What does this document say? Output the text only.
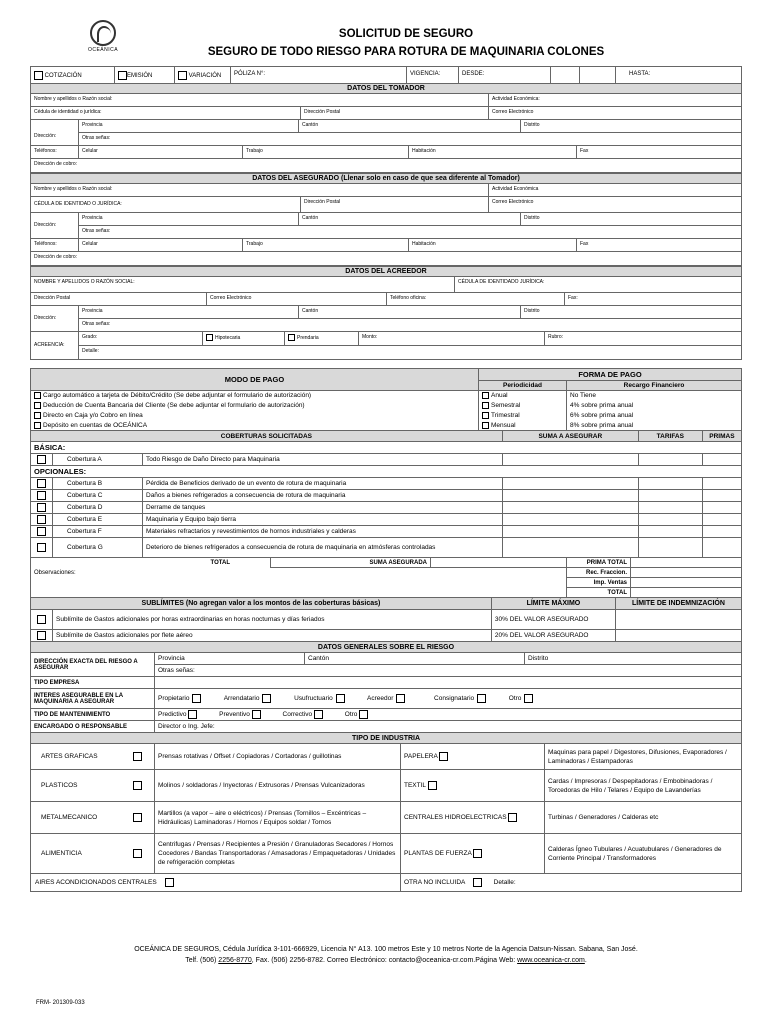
OCEÁNICA
SOLICITUD DE SEGURO
SEGURO DE TODO RIESGO PARA ROTURA DE MAQUINARIA COLONES
COTIZACIÓN	EMISIÓN	VARIACIÓN	PÓLIZA N°:	VIGENCIA:	DESDE:	HASTA:
DATOS DEL TOMADOR
Nombre y apellidos o Razón social:	Actividad Económica:
Cédula de identidad o jurídica:	Dirección Postal	Correo Electrónico
Dirección:
Provincia	Cantón	Distrito
Otras señas:
Teléfonos:	Celular	Trabajo	Habitación	Fax
Dirección de cobro:
DATOS DEL ASEGURADO (Llenar solo en caso de que sea diferente al Tomador)
Nombre y apellidos o Razón social:	Actividad Económica
CÉDULA DE IDENTIDAD O JURÍDICA:	Dirección Postal	Correo Electrónico
Dirección:
Provincia	Cantón	Distrito
Otras señas:
Teléfonos:	Celular	Trabajo	Habitación	Fax
Dirección de cobro:
DATOS DEL ACREEDOR
NOMBRE Y APELLIDOS O RAZÓN SOCIAL:	CÉDULA DE IDENTIDADO JURÍDICA:
Dirección Postal	Correo Electrónico	Teléfono oficina:	Fax:
Dirección:
Provincia	Cantón	Distrito
Otras señas:
ACREENCIA:
Grado:	Hipotecaria	Prendaria	Monto:	Rubro:
Detalle:
MODO DE PAGO	FORMA DE PAGO	
	Periodicidad	Recargo Financiero
Cargo automático a tarjeta de Débito/Crédito (Se debe adjuntar el formulario de autorización)	Anual	No Tiene
Deducción de Cuenta Bancaria del Cliente (Se debe adjuntar el formulario de autorización)	Semestral	4% sobre prima anual
Directo en Caja y/o Cobro en línea	Trimestral	6% sobre prima anual
Depósito en cuentas de OCEÁNICA	Mensual	8% sobre prima anual
COBERTURAS SOLICITADAS			SUMA A ASEGURAR	TARIFAS	PRIMAS
BÁSICA:					
	Cobertura A	Todo Riesgo de Daño Directo para Maquinaria			
OPCIONALES:					
	Cobertura B	Pérdida de Beneficios derivado de un evento de rotura de maquinaria			
	Cobertura C	Daños a bienes refrigerados a consecuencia de rotura de maquinaria			
	Cobertura D	Derrame de tanques			
	Cobertura E	Maquinaria y Equipo bajo tierra			
	Cobertura F	Materiales refractarios y revestimientos de hornos industriales y calderas			
	Cobertura G	Deterioro de bienes refrigerados a consecuencia de rotura de maquinaria en atmósferas controladas			
TOTAL	SUMA ASEGURADA		PRIMA TOTAL	
Observaciones:			Rec. Fraccion.	
			Imp. Ventas	
			TOTAL	
SUBLÍMITES (No agregan valor a los montos de las coberturas básicas)		LÍMITE MÁXIMO	LÍMITE DE INDEMNIZACIÓN
	Sublímite de Gastos adicionales por horas extraordinarias en horas nocturnas y días feriados	30% DEL VALOR ASEGURADO	
	Sublímite de Gastos adicionales por flete aéreo	20% DEL VALOR ASEGURADO	
DATOS GENERALES SOBRE EL RIESGO			
DIRECCIÓN EXACTA DEL RIESGO A ASEGURAR	Provincia	Cantón	Distrito
	Otras señas:		
TIPO EMPRESA			
INTERES ASEGURABLE EN LA MAQUINARIA A ASEGURAR	Propietario Arrendatario Usufructuario Acreedor Consignatario Otro		
TIPO DE MANTENIMIENTO	Predictivo Preventivo Correctivo Otro		
ENCARGADO O RESPONSABLE	Director o Ing. Jefe:		
TIPO DE INDUSTRIA				
ARTES GRAFICAS		Prensas rotativas / Offset / Copiadoras / Cortadoras / guillotinas	PAPELERA	Maquinas para papel / Digestores, Difusiones, Evaporadores / Laminadoras / Estampadoras
PLASTICOS		Molinos / soldadoras / Inyectoras / Extrusoras / Prensas Vulcanizadoras	TEXTIL	Cardas / Impresoras / Despepitadoras / Embobinadoras / Torcedoras de Hilo / Telares / Equipo de Lavanderías
METALMECANICO		Martillos (a vapor – aire o eléctricos) / Prensas (Tornillos – Excéntricas – Hidráulicas) Laminadoras / Hornos / Equipos soldar / Tornos	CENTRALES HIDROELECTRICAS	Turbinas / Generadores / Calderas etc
ALIMENTICIA		Centrifugas / Prensas / Recipientes a Presión / Granuladoras Secadores / Hornos Cocedores / Bandas Transportadoras / Amasadoras / Empaquetadoras / Unidades de refrigeración completas	PLANTAS DE FUERZA	Calderas Ígneo Tubulares / Acuatubulares / Generadores de Corriente Principal / Transformadores
AIRES ACONDICIONADOS CENTRALES			OTRA NO INCLUIDA Detalle:	
OCEÁNICA DE SEGUROS, Cédula Jurídica 3-101-666929, Licencia N° A13. 100 metros Este y 10 metros Norte de la Agencia Datsun-Nissan. Sabana, San José.
Telf. (506) 2256-8770, Fax. (506) 2256-8782. Correo Electrónico: contacto@oceanica-cr.com.Página Web: www.oceanica-cr.com.
FRM- 201309-033
